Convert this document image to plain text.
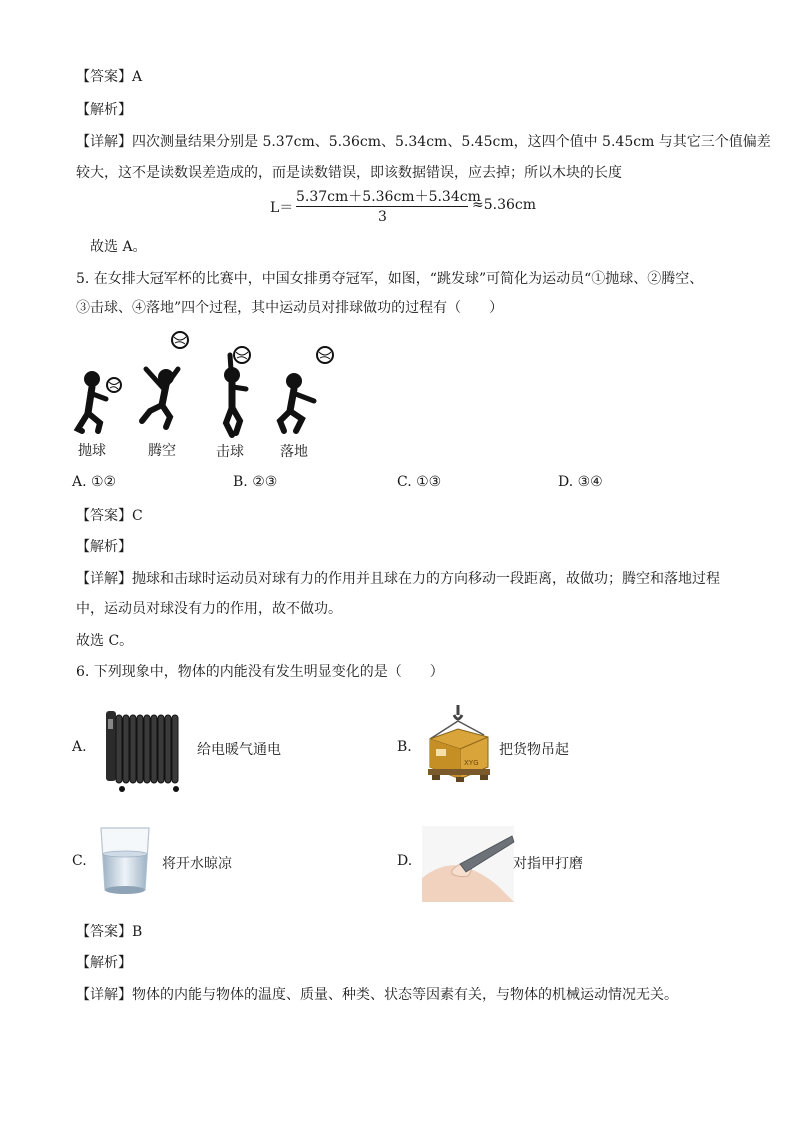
【答案】A
【解析】
【详解】四次测量结果分别是 5.37cm、5.36cm、5.34cm、5.45cm，这四个值中 5.45cm 与其它三个值偏差
较大，这不是读数误差造成的，而是读数错误，即该数据错误，应去掉；所以木块的长度
L＝
5.37cm＋5.36cm＋5.34cm
3
≈5.36cm
故选 A。
5. 在女排大冠军杯的比赛中，中国女排勇夺冠军，如图，“跳发球”可简化为运动员“①抛球、②腾空、
③击球、④落地”四个过程，其中运动员对排球做功的过程有（　　）
抛球	腾空	击球	落地
A. ①②	B. ②③	C. ①③	D. ③④
【答案】C
【解析】
【详解】抛球和击球时运动员对球有力的作用并且球在力的方向移动一段距离，故做功；腾空和落地过程
中，运动员对球没有力的作用，故不做功。
故选 C。
6. 下列现象中，物体的内能没有发生明显变化的是（　　）
A.	给电暖气通电	B.
XYG
把货物吊起
C.	将开水晾凉	D.	对指甲打磨
【答案】B
【解析】
【详解】物体的内能与物体的温度、质量、种类、状态等因素有关，与物体的机械运动情况无关。
